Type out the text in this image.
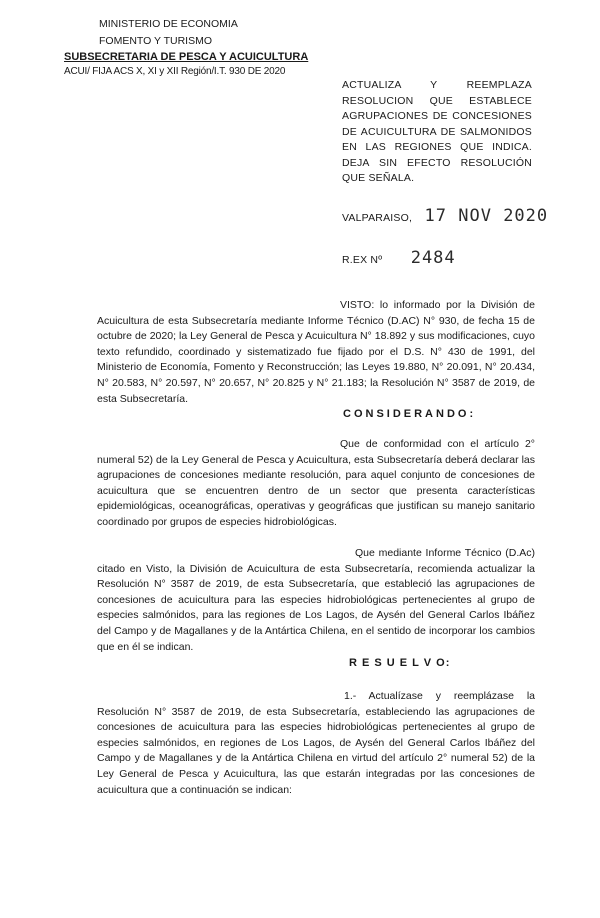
MINISTERIO DE ECONOMIA
FOMENTO Y TURISMO
SUBSECRETARIA DE PESCA Y ACUICULTURA
ACUI/ FIJA ACS X, XI y XII Región/I.T. 930 DE 2020
ACTUALIZA Y REEMPLAZA RESOLUCION QUE ESTABLECE AGRUPACIONES DE CONCESIONES DE ACUICULTURA DE SALMONIDOS EN LAS REGIONES QUE INDICA. DEJA SIN EFECTO RESOLUCIÓN QUE SEÑALA.
VALPARAISO, 17 NOV 2020
R.EX Nº 2484
VISTO: lo informado por la División de Acuicultura de esta Subsecretaría mediante Informe Técnico (D.AC) N° 930, de fecha 15 de octubre de 2020; la Ley General de Pesca y Acuicultura N° 18.892 y sus modificaciones, cuyo texto refundido, coordinado y sistematizado fue fijado por el D.S. N° 430 de 1991, del Ministerio de Economía, Fomento y Reconstrucción; las Leyes 19.880, N° 20.091, N° 20.434, N° 20.583, N° 20.597, N° 20.657, N° 20.825 y N° 21.183; la Resolución N° 3587 de 2019, de esta Subsecretaría.
CONSIDERANDO:
Que de conformidad con el artículo 2° numeral 52) de la Ley General de Pesca y Acuicultura, esta Subsecretaría deberá declarar las agrupaciones de concesiones mediante resolución, para aquel conjunto de concesiones de acuicultura que se encuentren dentro de un sector que presenta características epidemiológicas, oceanográficas, operativas y geográficas que justifican su manejo sanitario coordinado por grupos de especies hidrobiológicas.
Que mediante Informe Técnico (D.Ac) citado en Visto, la División de Acuicultura de esta Subsecretaría, recomienda actualizar la Resolución N° 3587 de 2019, de esta Subsecretaría, que estableció las agrupaciones de concesiones de acuicultura para las especies hidrobiológicas pertenecientes al grupo de especies salmónidos, para las regiones de Los Lagos, de Aysén del General Carlos Ibáñez del Campo y de Magallanes y de la Antártica Chilena, en el sentido de incorporar los cambios que en él se indican.
R E S U E L V O:
1.- Actualízase y reemplázase la Resolución N° 3587 de 2019, de esta Subsecretaría, estableciendo las agrupaciones de concesiones de acuicultura para las especies hidrobiológicas pertenecientes al grupo de especies salmónidos, en regiones de Los Lagos, de Aysén del General Carlos Ibáñez del Campo y de Magallanes y de la Antártica Chilena en virtud del artículo 2° numeral 52) de la Ley General de Pesca y Acuicultura, las que estarán integradas por las concesiones de acuicultura que a continuación se indican:
